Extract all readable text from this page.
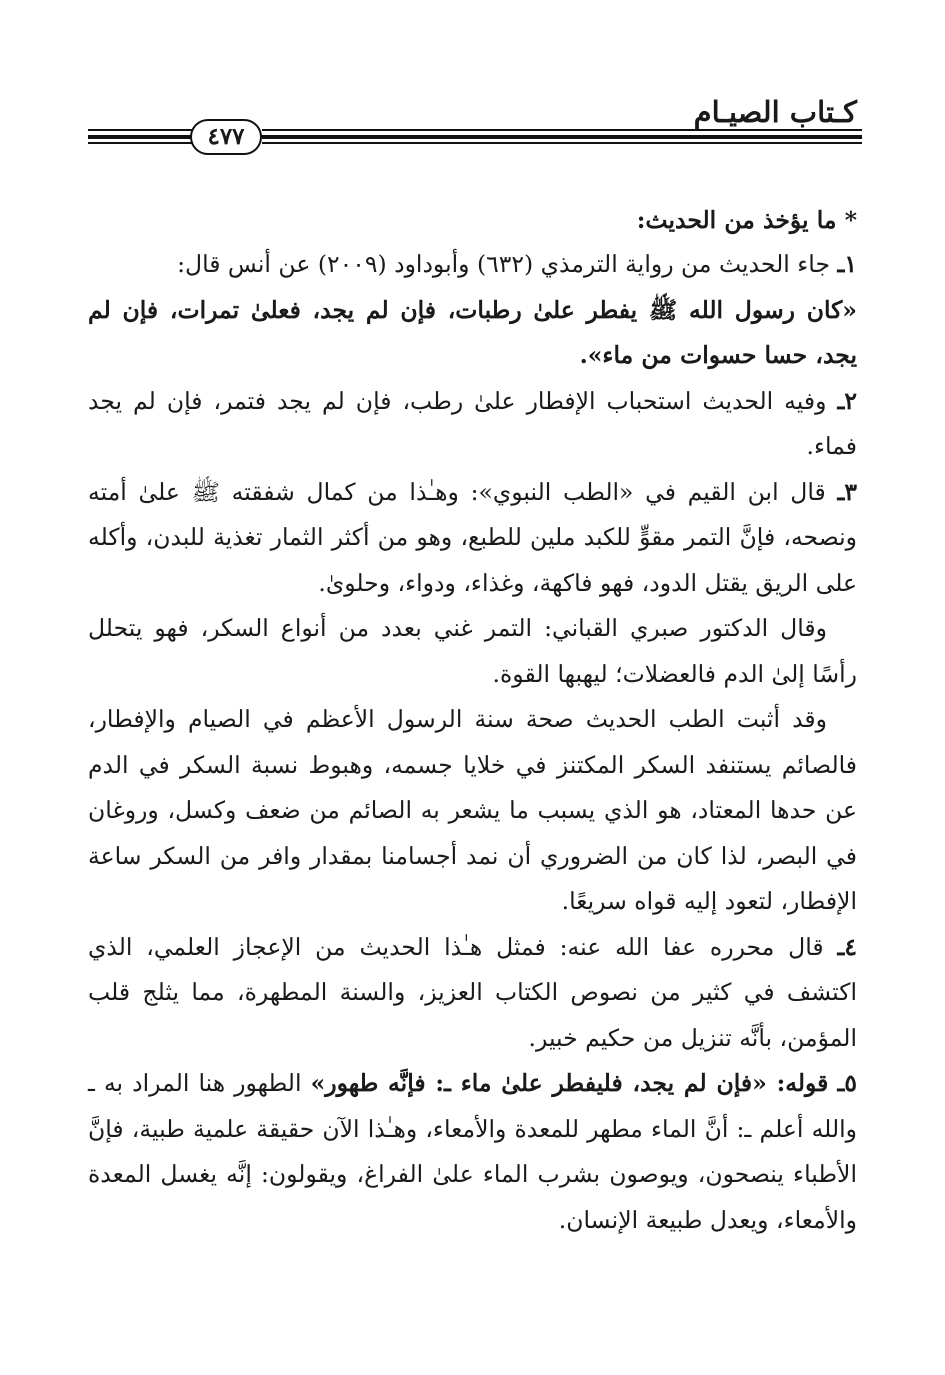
كـتاب الصيـام
٤٧٧

* ما يؤخذ من الحديث:

١ـ جاء الحديث من رواية الترمذي (٦٣٢) وأبوداود (٢٠٠٩) عن أنس قال:

«كان رسول الله ﷺ يفطر علىٰ رطبات، فإن لم يجد، فعلىٰ تمرات، فإن لم يجد، حسا حسوات من ماء».

٢ـ وفيه الحديث استحباب الإفطار علىٰ رطب، فإن لم يجد فتمر، فإن لم يجد فماء.

٣ـ قال ابن القيم في «الطب النبوي»: وهـٰذا من كمال شفقته ﷺ علىٰ أمته ونصحه، فإنَّ التمر مقوٍّ للكبد ملين للطبع، وهو من أكثر الثمار تغذية للبدن، وأكله على الريق يقتل الدود، فهو فاكهة، وغذاء، ودواء، وحلوىٰ.

وقال الدكتور صبري القباني: التمر غني بعدد من أنواع السكر، فهو يتحلل رأسًا إلىٰ الدم فالعضلات؛ ليهبها القوة.

وقد أثبت الطب الحديث صحة سنة الرسول الأعظم في الصيام والإفطار، فالصائم يستنفد السكر المكتنز في خلايا جسمه، وهبوط نسبة السكر في الدم عن حدها المعتاد، هو الذي يسبب ما يشعر به الصائم من ضعف وكسل، وروغان في البصر، لذا كان من الضروري أن نمد أجسامنا بمقدار وافر من السكر ساعة الإفطار، لتعود إليه قواه سريعًا.

٤ـ قال محرره عفا الله عنه: فمثل هـٰذا الحديث من الإعجاز العلمي، الذي اكتشف في كثير من نصوص الكتاب العزيز، والسنة المطهرة، مما يثلج قلب المؤمن، بأنَّه تنزيل من حكيم خبير.

٥ـ قوله: «فإن لم يجد، فليفطر علىٰ ماء ـ: فإنَّه طهور» الطهور هنا المراد به ـ والله أعلم ـ: أنَّ الماء مطهر للمعدة والأمعاء، وهـٰذا الآن حقيقة علمية طبية، فإنَّ الأطباء ينصحون، ويوصون بشرب الماء علىٰ الفراغ، ويقولون: إنَّه يغسل المعدة والأمعاء، ويعدل طبيعة الإنسان.
